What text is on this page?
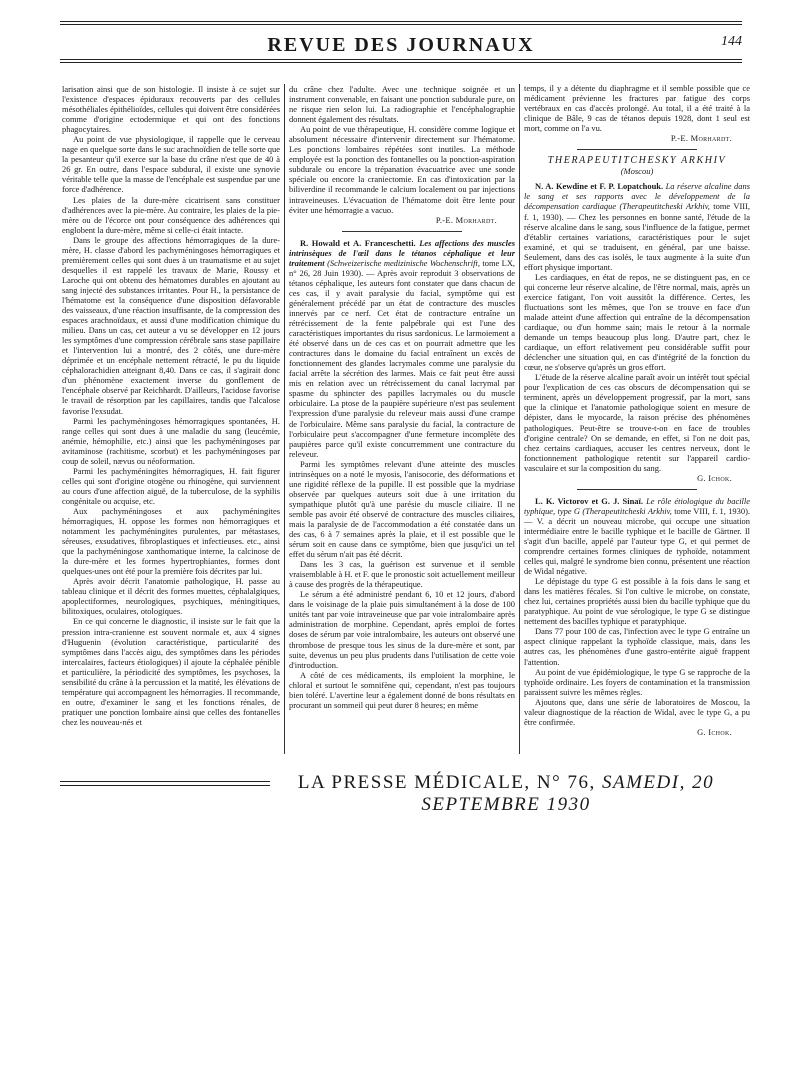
REVUE DES JOURNAUX	144

larisation ainsi que de son histologie. Il insiste à ce sujet sur l'existence d'espaces épiduraux recouverts par des cellules mésothéliales épithélioïdes, cellules qui doivent être considérées comme d'origine ectodermique et qui ont des fonctions phagocytaires.

Au point de vue physiologique, il rappelle que le cerveau nage en quelque sorte dans le suc arachnoïdien de telle sorte que la pesanteur qu'il exerce sur la base du crâne n'est que de 40 à 26 gr. En outre, dans l'espace subdural, il existe une synovie véritable telle que la masse de l'encéphale est suspendue par une force d'adhérence.

Les plaies de la dure-mère cicatrisent sans constituer d'adhérences avec la pie-mère. Au contraire, les plaies de la pie-mère ou de l'écorce ont pour conséquence des adhérences qui englobent la dure-mère, même si celle-ci était intacte.

Dans le groupe des affections hémorragiques de la dure-mère, H. classe d'abord les pachyméningoses hémorragiques et premièrement celles qui sont dues à un traumatisme et au sujet desquelles il est rappelé les travaux de Marie, Roussy et Laroche qui ont obtenu des hématomes durables en ajoutant au sang injecté des substances irritantes. Pour H., la persistance de l'hématome est la conséquence d'une disposition défavorable des vaisseaux, d'une réaction insuffisante, de la compression des espaces arachnoïdaux, et aussi d'une modification chimique du milieu. Dans un cas, cet auteur a vu se développer en 12 jours les symptômes d'une compression cérébrale sans stase papillaire et l'intervention lui a montré, des 2 côtés, une dure-mère déprimée et un encéphale nettement rétracté, le pu du liquide céphalorachidien atteignant 8,40. Dans ce cas, il s'agirait donc d'un phénomène exactement inverse du gonflement de l'encéphale observé par Reichhardt. D'ailleurs, l'acidose favorise le travail de résorption par les capillaires, tandis que l'alcalose favorise l'exsudat.

Parmi les pachyméningoses hémorragiques spontanées, H. range celles qui sont dues à une maladie du sang (leucémie, anémie, hémophilie, etc.) ainsi que les pachyméningoses par avitaminose (rachitisme, scorbut) et les pachyméningoses par coup de soleil, nævus ou néoformation.

Parmi les pachyméningites hémorragiques, H. fait figurer celles qui sont d'origine otogène ou rhinogène, qui surviennent au cours d'une affection aiguë, de la tuberculose, de la syphilis congénitale ou acquise, etc.

Aux pachyméningoses et aux pachyméningites hémorragiques, H. oppose les formes non hémorragiques et notamment les pachyméningites purulentes, par métastases, séreuses, exsudatives, fibroplastiques et infectieuses. etc., ainsi que la pachyméningose xanthomatique interne, la calcinose de la dure-mère et les formes hypertrophiantes, formes dont quelques-unes ont été pour la première fois décrites par lui.

Après avoir décrit l'anatomie pathologique, H. passe au tableau clinique et il décrit des formes muettes, céphalalgiques, apoplectiformes, neurologiques, psychiques, méningitiques, bilitoxiques, oculaires, otologiques.

En ce qui concerne le diagnostic, il insiste sur le fait que la pression intra-cranienne est souvent normale et, aux 4 signes d'Huguenin (évolution caractéristique, particularité des symptômes dans l'accès aigu, des symptômes dans les périodes intercalaires, facteurs étiologiques) il ajoute la céphalée pénible et particulière, la périodicité des symptômes, les psychoses, la sensibilité du crâne à la percussion et la matité, les élévations de température qui accompagnent les hémorragies. Il recommande, en outre, d'examiner le sang et les fonctions rénales, de pratiquer une ponction lombaire ainsi que celles des fontanelles chez les nouveau-nés et

du crâne chez l'adulte. Avec une technique soignée et un instrument convenable, en faisant une ponction subdurale pure, on ne risque rien selon lui. La radiographie et l'encéphalographie donnent également des résultats.

Au point de vue thérapeutique, H. considère comme logique et absolument nécessaire d'intervenir directement sur l'hématome. Les ponctions lombaires répétées sont inutiles. La méthode employée est la ponction des fontanelles ou la ponction-aspiration subdurale ou encore la trépanation évacuatrice avec une sonde spéciale ou encore la craniectomie. En cas d'intoxication par la biliverdine il recommande le calcium localement ou par injections intraveineuses. L'évacuation de l'hématome doit être lente pour éviter une hémorragie a vacuo.

P.-E. Morhardt.

R. Howald et A. Franceschetti. Les affections des muscles intrinsèques de l'œil dans le tétanos céphalique et leur traitement (Schweizerische medizinische Wochenschrift, tome LX, n° 26, 28 Juin 1930). — Après avoir reproduit 3 observations de tétanos céphalique, les auteurs font constater que dans chacun de ces cas, il y avait paralysie du facial, symptôme qui est généralement précédé par un état de contracture des muscles innervés par ce nerf. Cet état de contracture entraîne un rétrécissement de la fente palpébrale qui est l'une des caractéristiques importantes du risus sardonicus. Le larmoiement a été observé dans un de ces cas et on pourrait admettre que les contractures dans le domaine du facial entraînent un excès de fonctionnement des glandes lacrymales comme une paralysie du facial arrête la sécrétion des larmes. Mais ce fait peut être aussi mis en relation avec un rétrécissement du canal lacrymal par spasme du sphincter des papilles lacrymales ou du muscle orbiculaire. La ptose de la paupière supérieure n'est pas seulement l'expression d'une paralysie du releveur mais aussi d'une crampe de l'orbiculaire. Même sans paralysie du facial, la contracture de l'orbiculaire peut s'accompagner d'une fermeture incomplète des paupières parce qu'il existe concurremment une contracture du releveur.

Parmi les symptômes relevant d'une atteinte des muscles intrinsèques on a noté le myosis, l'anisocorie, des déformations et une rigidité réflexe de la pupille. Il est possible que la mydriase observée par quelques auteurs soit due à une irritation du sympathique plutôt qu'à une parésie du muscle ciliaire. Il ne semble pas avoir été observé de contracture des muscles ciliaires, mais la paralysie de de l'accommodation a été constatée dans un des cas, 6 à 7 semaines après la plaie, et il est possible que le sérum soit en cause dans ce symptôme, bien que jusqu'ici un tel effet du sérum n'ait pas été décrit.

Dans les 3 cas, la guérison est survenue et il semble vraisemblable à H. et F. que le pronostic soit actuellement meilleur à cause des progrès de la thérapeutique.

Le sérum a été administré pendant 6, 10 et 12 jours, d'abord dans le voisinage de la plaie puis simultanément à la dose de 100 unités tant par voie intraveineuse que par voie intralombaire après administration de morphine. Cependant, après emploi de fortes doses de sérum par voie intralombaire, les auteurs ont observé une thrombose de presque tous les sinus de la dure-mère et sont, par suite, devenus un peu plus prudents dans l'utilisation de cette voie d'introduction.

A côté de ces médicaments, ils emploient la morphine, le chloral et surtout le somnifène qui, cependant, n'est pas toujours bien toléré. L'avertine leur a également donné de bons résultats en procurant un sommeil qui peut durer 8 heures; en même

temps, il y a détente du diaphragme et il semble possible que ce médicament prévienne les fractures par fatigue des corps vertébraux en cas d'accès prolongé. Au total, il a été traité à la clinique de Bâle, 9 cas de tétanos depuis 1928, dont 1 seul est mort, comme on l'a vu.

P.-E. Morhardt.

THERAPEUTITCHESKY ARKHIV
(Moscou)

N. A. Kewdine et F. P. Lopatchouk. La réserve alcaline dans le sang et ses rapports avec le développement de la décompensation cardiaque (Therapeutitcheski Arkhiv, tome VIII, f. 1, 1930). — Chez les personnes en bonne santé, l'étude de la réserve alcaline dans le sang, sous l'influence de la fatigue, permet d'établir certaines variations, caractéristiques pour le sujet examiné, et qui se traduisent, en général, par une baisse. Seulement, dans des cas isolés, le taux augmente à la suite d'un effort physique important.

Les cardiaques, en état de repos, ne se distinguent pas, en ce qui concerne leur réserve alcaline, de l'être normal, mais, après un exercice fatigant, l'on voit aussitôt la différence. Certes, les fluctuations sont les mêmes, que l'on se trouve en face d'un malade atteint d'une affection qui entraîne de la décompensation cardiaque, ou d'un homme sain; mais le retour à la normale demande un temps beaucoup plus long. D'autre part, chez le cardiaque, un effort relativement peu considérable suffit pour déclencher une situation qui, en cas d'intégrité de la fonction du cœur, ne s'observe qu'après un gros effort.

L'étude de la réserve alcaline paraît avoir un intérêt tout spécial pour l'explication de ces cas obscurs de décompensation qui se terminent, après un développement progressif, par la mort, sans que la clinique et l'anatomie pathologique soient en mesure de dépister, dans le myocarde, la raison précise des phénomènes pathologiques. Peut-être se trouve-t-on en face de troubles d'origine centrale? On se demande, en effet, si l'on ne doit pas, chez certains cardiaques, accuser les centres nerveux, dont le fonctionnement pathologique retentit sur l'appareil cardio-vasculaire et sur la composition du sang.

G. Ichok.

L. K. Victorov et G. J. Sinaï. Le rôle étiologique du bacille typhique, type G (Therapeutitcheski Arkhiv, tome VIII, f. 1, 1930). — V. a décrit un nouveau microbe, qui occupe une situation intermédiaire entre le bacille typhique et le bacille de Gärtner. Il s'agit d'un bacille, appelé par l'auteur type G, et qui permet de comprendre certaines formes cliniques de typhoïde, notamment celles qui, malgré le syndrome bien connu, présentent une réaction de Widal négative.

Le dépistage du type G est possible à la fois dans le sang et dans les matières fécales. Si l'on cultive le microbe, on constate, chez lui, certaines propriétés aussi bien du bacille typhique que du paratyphique. Au point de vue sérologique, le type G se distingue nettement des bacilles typhique et paratyphique.

Dans 77 pour 100 de cas, l'infection avec le type G entraîne un aspect clinique rappelant la typhoïde classique, mais, dans les autres cas, les phénomènes d'une gastro-entérite aiguë frappent l'attention.

Au point de vue épidémiologique, le type G se rapproche de la typhoïde ordinaire. Les foyers de contamination et la transmission paraissent suivre les mêmes règles.

Ajoutons que, dans une série de laboratoires de Moscou, la valeur diagnostique de la réaction de Widal, avec le type G, a pu être confirmée.

G. Ichok.

LA PRESSE MÉDICALE, N° 76, SAMEDI, 20 SEPTEMBRE 1930
